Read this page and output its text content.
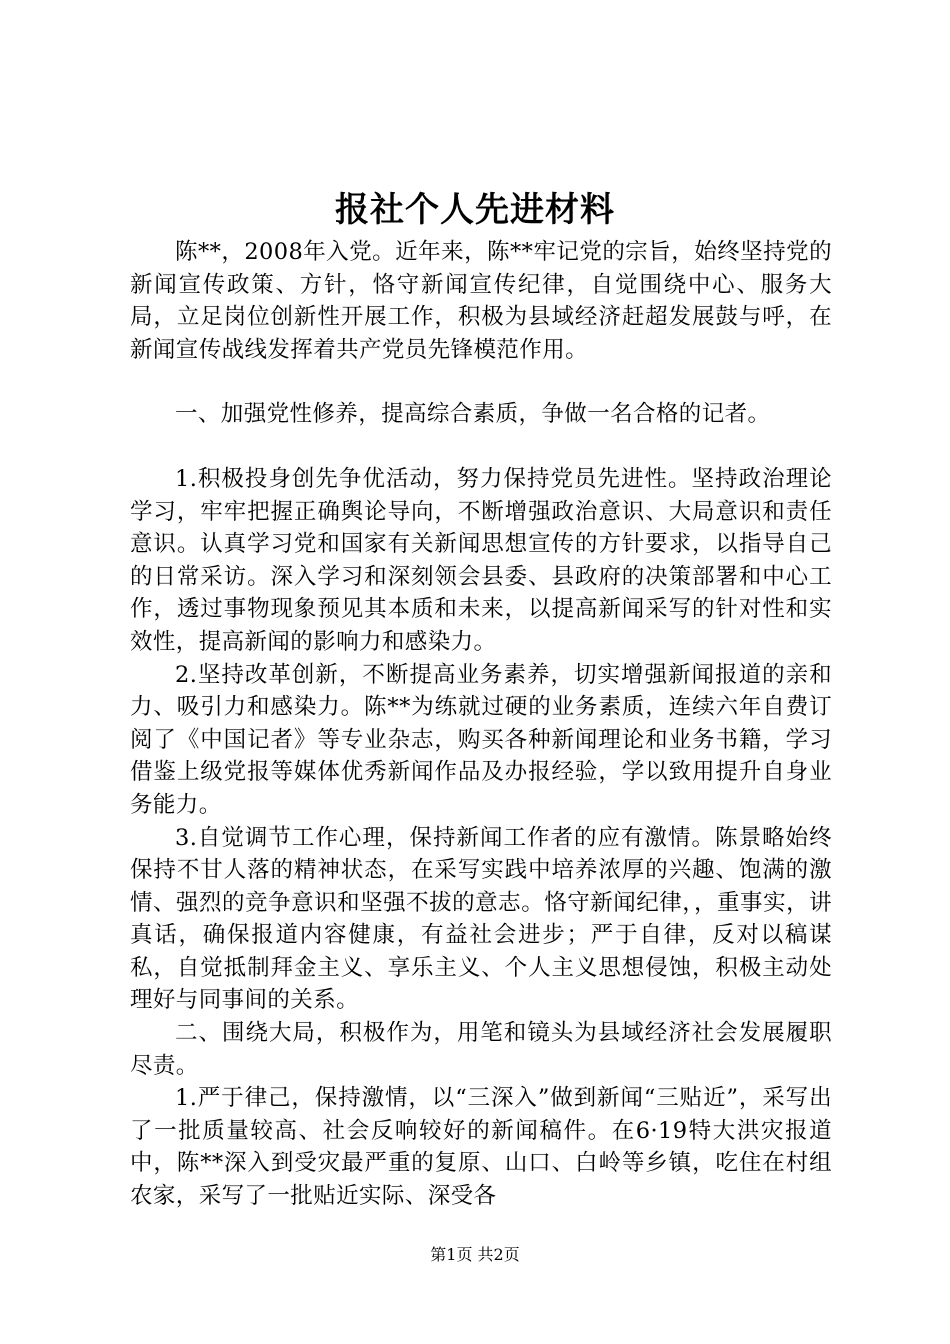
报社个人先进材料

陈**，2008年入党。近年来，陈**牢记党的宗旨，始终坚持党的新闻宣传政策、方针，恪守新闻宣传纪律，自觉围绕中心、服务大局，立足岗位创新性开展工作，积极为县域经济赶超发展鼓与呼，在新闻宣传战线发挥着共产党员先锋模范作用。

一、加强党性修养，提高综合素质，争做一名合格的记者。

1.积极投身创先争优活动，努力保持党员先进性。坚持政治理论学习，牢牢把握正确舆论导向，不断增强政治意识、大局意识和责任意识。认真学习党和国家有关新闻思想宣传的方针要求，以指导自己的日常采访。深入学习和深刻领会县委、县政府的决策部署和中心工作，透过事物现象预见其本质和未来，以提高新闻采写的针对性和实效性，提高新闻的影响力和感染力。

2.坚持改革创新，不断提高业务素养，切实增强新闻报道的亲和力、吸引力和感染力。陈**为练就过硬的业务素质，连续六年自费订阅了《中国记者》等专业杂志，购买各种新闻理论和业务书籍，学习借鉴上级党报等媒体优秀新闻作品及办报经验，学以致用提升自身业务能力。

3.自觉调节工作心理，保持新闻工作者的应有激情。陈景略始终保持不甘人落的精神状态，在采写实践中培养浓厚的兴趣、饱满的激情、强烈的竞争意识和坚强不拔的意志。恪守新闻纪律，，重事实，讲真话，确保报道内容健康，有益社会进步；严于自律，反对以稿谋私，自觉抵制拜金主义、享乐主义、个人主义思想侵蚀，积极主动处理好与同事间的关系。

二、围绕大局，积极作为，用笔和镜头为县域经济社会发展履职尽责。

1.严于律己，保持激情，以“三深入”做到新闻“三贴近”，采写出了一批质量较高、社会反响较好的新闻稿件。在6·19特大洪灾报道中，陈**深入到受灾最严重的复原、山口、白岭等乡镇，吃住在村组农家，采写了一批贴近实际、深受各

第1页 共2页
